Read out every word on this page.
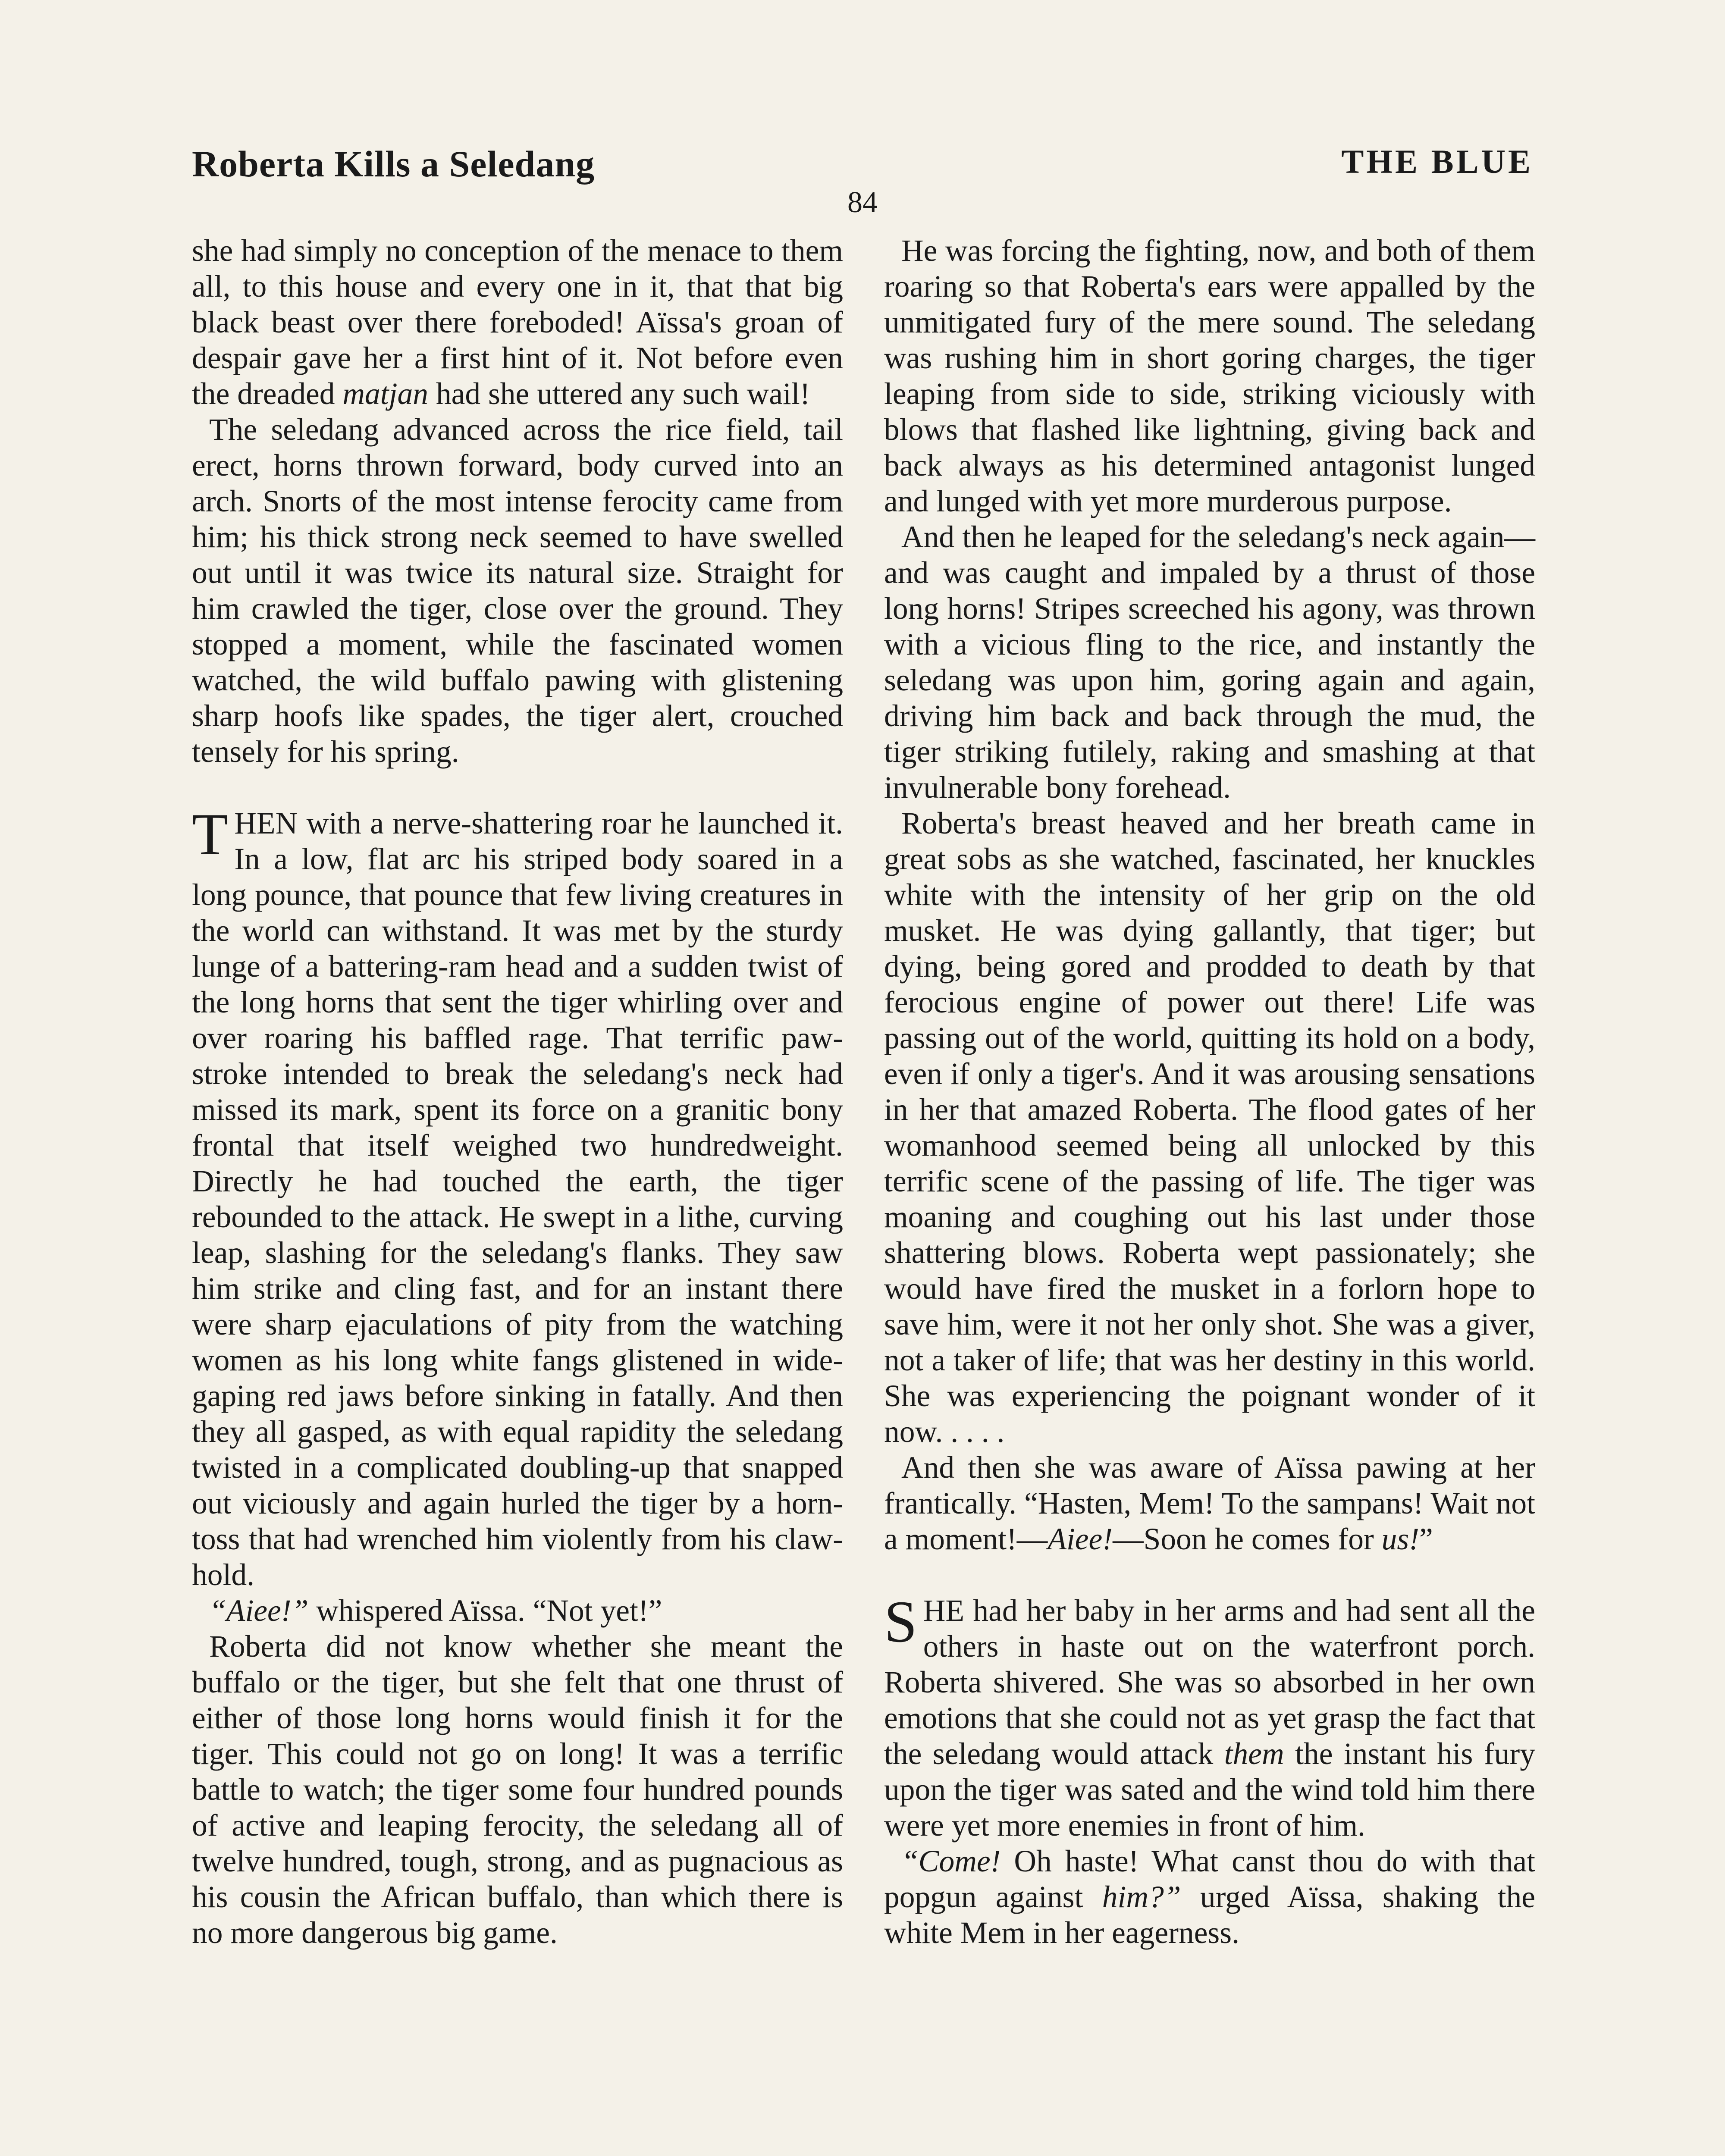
Roberta Kills a Seledang	THE BLUE
84

she had simply no conception of the menace to them all, to this house and every one in it, that that big black beast over there foreboded! Aïssa's groan of despair gave her a first hint of it. Not before even the dreaded matjan had she uttered any such wail!

The seledang advanced across the rice field, tail erect, horns thrown forward, body curved into an arch. Snorts of the most intense ferocity came from him; his thick strong neck seemed to have swelled out until it was twice its natural size. Straight for him crawled the tiger, close over the ground. They stopped a moment, while the fascinated women watched, the wild buffalo pawing with glistening sharp hoofs like spades, the tiger alert, crouched tensely for his spring.

THEN with a nerve-shattering roar he launched it. In a low, flat arc his striped body soared in a long pounce, that pounce that few living creatures in the world can withstand. It was met by the sturdy lunge of a battering-ram head and a sudden twist of the long horns that sent the tiger whirling over and over roaring his baffled rage. That terrific paw-stroke intended to break the seledang's neck had missed its mark, spent its force on a granitic bony frontal that itself weighed two hundredweight. Directly he had touched the earth, the tiger rebounded to the attack. He swept in a lithe, curving leap, slashing for the seledang's flanks. They saw him strike and cling fast, and for an instant there were sharp ejaculations of pity from the watching women as his long white fangs glistened in wide-gaping red jaws before sinking in fatally. And then they all gasped, as with equal rapidity the seledang twisted in a complicated doubling-up that snapped out viciously and again hurled the tiger by a horn-toss that had wrenched him violently from his claw-hold.

“Aiee!” whispered Aïssa. “Not yet!”

Roberta did not know whether she meant the buffalo or the tiger, but she felt that one thrust of either of those long horns would finish it for the tiger. This could not go on long! It was a terrific battle to watch; the tiger some four hundred pounds of active and leaping ferocity, the seledang all of twelve hundred, tough, strong, and as pugnacious as his cousin the African buffalo, than which there is no more dangerous big game.

He was forcing the fighting, now, and both of them roaring so that Roberta's ears were appalled by the unmitigated fury of the mere sound. The seledang was rushing him in short goring charges, the tiger leaping from side to side, striking viciously with blows that flashed like lightning, giving back and back always as his determined antagonist lunged and lunged with yet more murderous purpose.

And then he leaped for the seledang's neck again—and was caught and impaled by a thrust of those long horns! Stripes screeched his agony, was thrown with a vicious fling to the rice, and instantly the seledang was upon him, goring again and again, driving him back and back through the mud, the tiger striking futilely, raking and smashing at that invulnerable bony forehead.

Roberta's breast heaved and her breath came in great sobs as she watched, fascinated, her knuckles white with the intensity of her grip on the old musket. He was dying gallantly, that tiger; but dying, being gored and prodded to death by that ferocious engine of power out there! Life was passing out of the world, quitting its hold on a body, even if only a tiger's. And it was arousing sensations in her that amazed Roberta. The flood gates of her womanhood seemed being all unlocked by this terrific scene of the passing of life. The tiger was moaning and coughing out his last under those shattering blows. Roberta wept passionately; she would have fired the musket in a forlorn hope to save him, were it not her only shot. She was a giver, not a taker of life; that was her destiny in this world. She was experiencing the poignant wonder of it now. . . . .

And then she was aware of Aïssa pawing at her frantically. “Hasten, Mem! To the sampans! Wait not a moment!—Aiee!—Soon he comes for us!”

SHE had her baby in her arms and had sent all the others in haste out on the waterfront porch. Roberta shivered. She was so absorbed in her own emotions that she could not as yet grasp the fact that the seledang would attack them the instant his fury upon the tiger was sated and the wind told him there were yet more enemies in front of him.

“Come! Oh haste! What canst thou do with that popgun against him?” urged Aïssa, shaking the white Mem in her eagerness.
